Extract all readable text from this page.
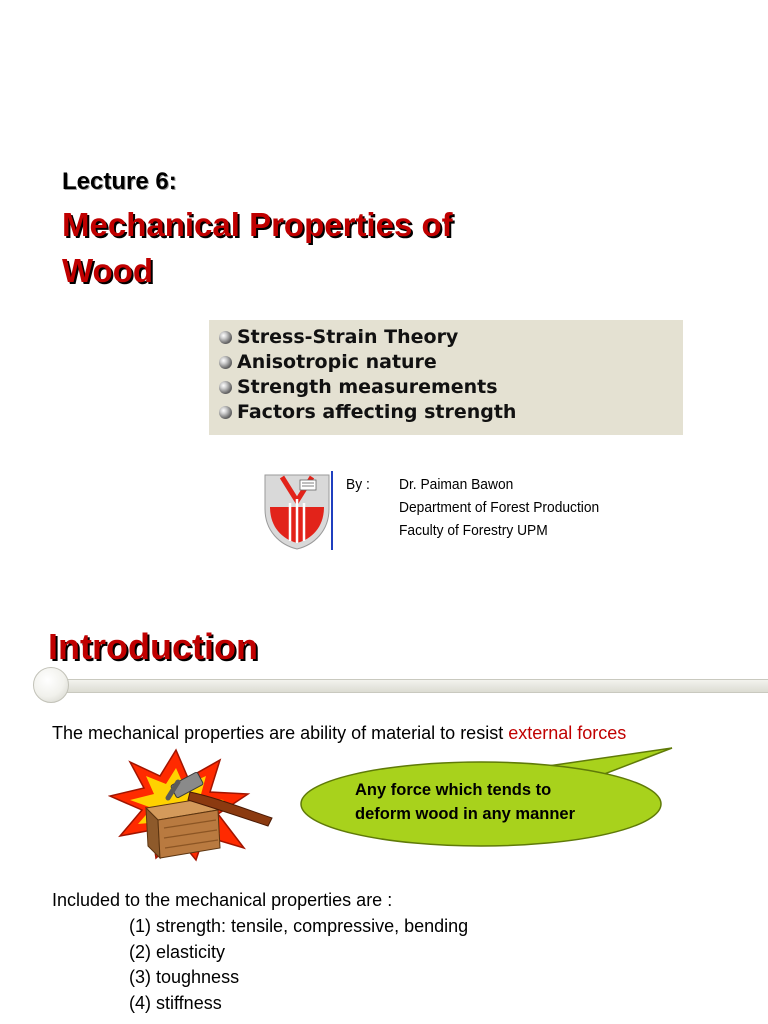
Lecture 6:
Mechanical Properties of
Wood
Stress-Strain Theory
Anisotropic nature
Strength measurements
Factors affecting strength
By : Dr. Paiman Bawon
Department of Forest Production
Faculty of Forestry UPM
Introduction
The mechanical properties are ability of material to resist external forces
Any force which tends to
deform wood in any manner
Included to the mechanical properties are :
(1) strength: tensile, compressive, bending
(2) elasticity
(3) toughness
(4) stiffness
